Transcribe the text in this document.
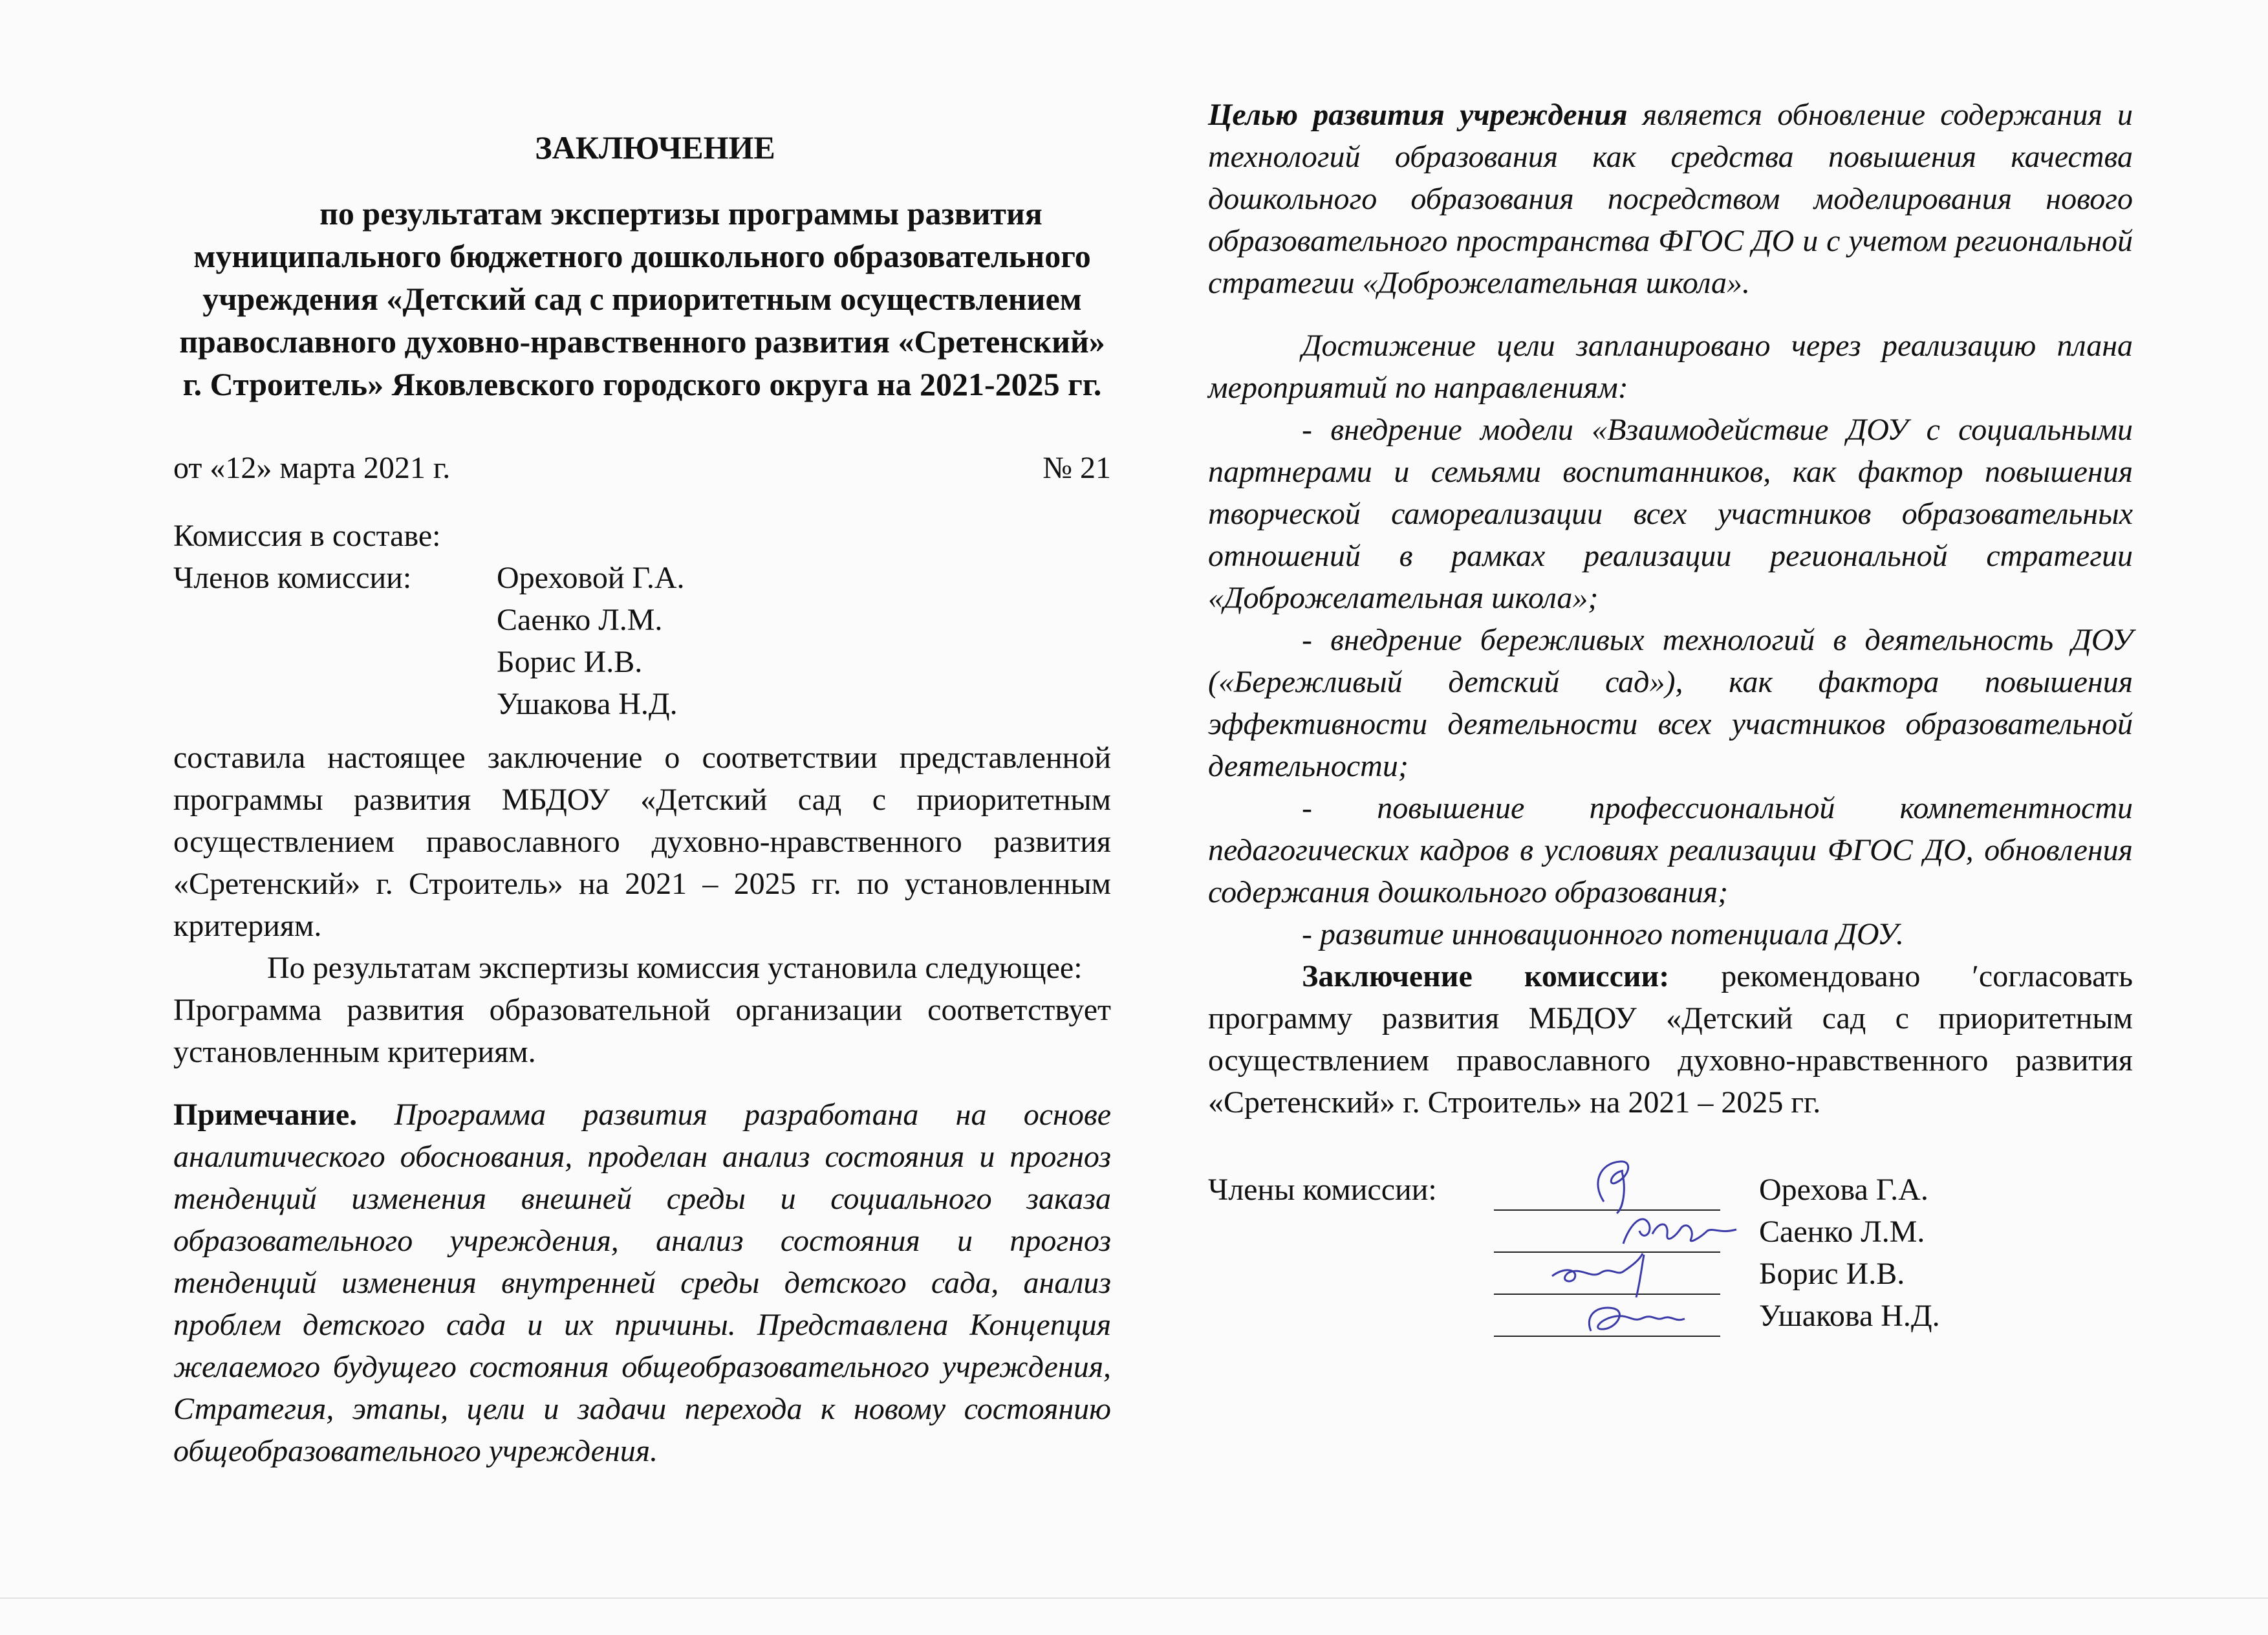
ЗАКЛЮЧЕНИЕ
по результатам экспертизы программы развития
муниципального бюджетного дошкольного образовательного
учреждения «Детский сад с приоритетным осуществлением
православного духовно-нравственного развития «Сретенский»
г. Строитель» Яковлевского городского округа на 2021-2025 гг.
от «12» марта 2021 г.	№ 21
Комиссия в составе:
Членов комиссии:	Ореховой Г.А.
Саенко Л.М.
Борис И.В.
Ушакова Н.Д.
составила настоящее заключение о соответствии представленной программы развития МБДОУ «Детский сад с приоритетным осуществлением православного духовно-нравственного развития «Сретенский» г. Строитель» на 2021 – 2025 гг. по установленным критериям.
По результатам экспертизы комиссия установила следующее:
Программа развития образовательной организации соответствует установленным критериям.
Примечание. Программа развития разработана на основе аналитического обоснования, проделан анализ состояния и прогноз тенденций изменения внешней среды и социального заказа образовательного учреждения, анализ состояния и прогноз тенденций изменения внутренней среды детского сада, анализ проблем детского сада и их причины. Представлена Концепция желаемого будущего состояния общеобразовательного учреждения, Стратегия, этапы, цели и задачи перехода к новому состоянию общеобразовательного учреждения.
Целью развития учреждения является обновление содержания и технологий образования как средства повышения качества дошкольного образования посредством моделирования нового образовательного пространства ФГОС ДО и с учетом региональной стратегии «Доброжелательная школа».
Достижение цели запланировано через реализацию плана мероприятий по направлениям:
- внедрение модели «Взаимодействие ДОУ с социальными партнерами и семьями воспитанников, как фактор повышения творческой самореализации всех участников образовательных отношений в рамках реализации региональной стратегии «Доброжелательная школа»;
- внедрение бережливых технологий в деятельность ДОУ («Бережливый детский сад»), как фактора повышения эффективности деятельности всех участников образовательной деятельности;
- повышение профессиональной компетентности педагогических кадров в условиях реализации ФГОС ДО, обновления содержания дошкольного образования;
- развитие инновационного потенциала ДОУ.
Заключение комиссии: рекомендовано ʹсогласовать программу развития МБДОУ «Детский сад с приоритетным осуществлением православного духовно-нравственного развития «Сретенский» г. Строитель» на 2021 – 2025 гг.
Члены комиссии:	Орехова Г.А.
Саенко Л.М.
Борис И.В.
Ушакова Н.Д.
